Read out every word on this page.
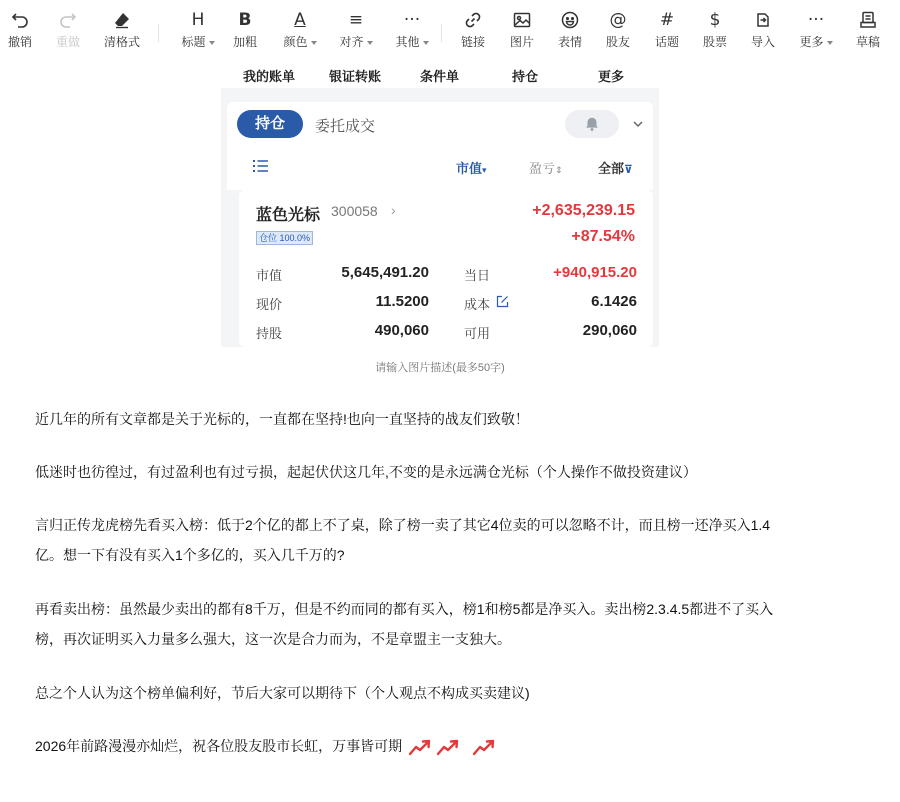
撤销	重做	清格式
H
标题
B
加粗
A
颜色
≡
对齐
···
其他	链接	图片	表情
@
股友
#
话题
$
股票	导入
···
更多	草稿
我的账单	银证转账	条件单	持仓	更多
持仓	委托成交
市值▾	盈亏⇕	全部⊽
蓝色光标 300058 ›	+2,635,239.15
仓位 100.0%	+87.54%
市值	5,645,491.20	当日	+940,915.20
现价	11.5200	成本	6.1426
持股	490,060	可用	290,060
请输入图片描述(最多50字)
近几年的所有文章都是关于光标的，一直都在坚持!也向一直坚持的战友们致敬！
低迷时也彷徨过，有过盈利也有过亏损，起起伏伏这几年,不变的是永远满仓光标（个人操作不做投资建议）
言归正传龙虎榜先看买入榜：低于2个亿的都上不了桌，除了榜一卖了其它4位卖的可以忽略不计，而且榜一还净买入1.4
亿。想一下有没有买入1个多亿的，买入几千万的?
再看卖出榜：虽然最少卖出的都有8千万，但是不约而同的都有买入，榜1和榜5都是净买入。卖出榜2.3.4.5都进不了买入
榜，再次证明买入力量多么强大，这一次是合力而为，不是章盟主一支独大。
总之个人认为这个榜单偏利好，节后大家可以期待下（个人观点不构成买卖建议)
2026年前路漫漫亦灿烂，祝各位股友股市长虹，万事皆可期
